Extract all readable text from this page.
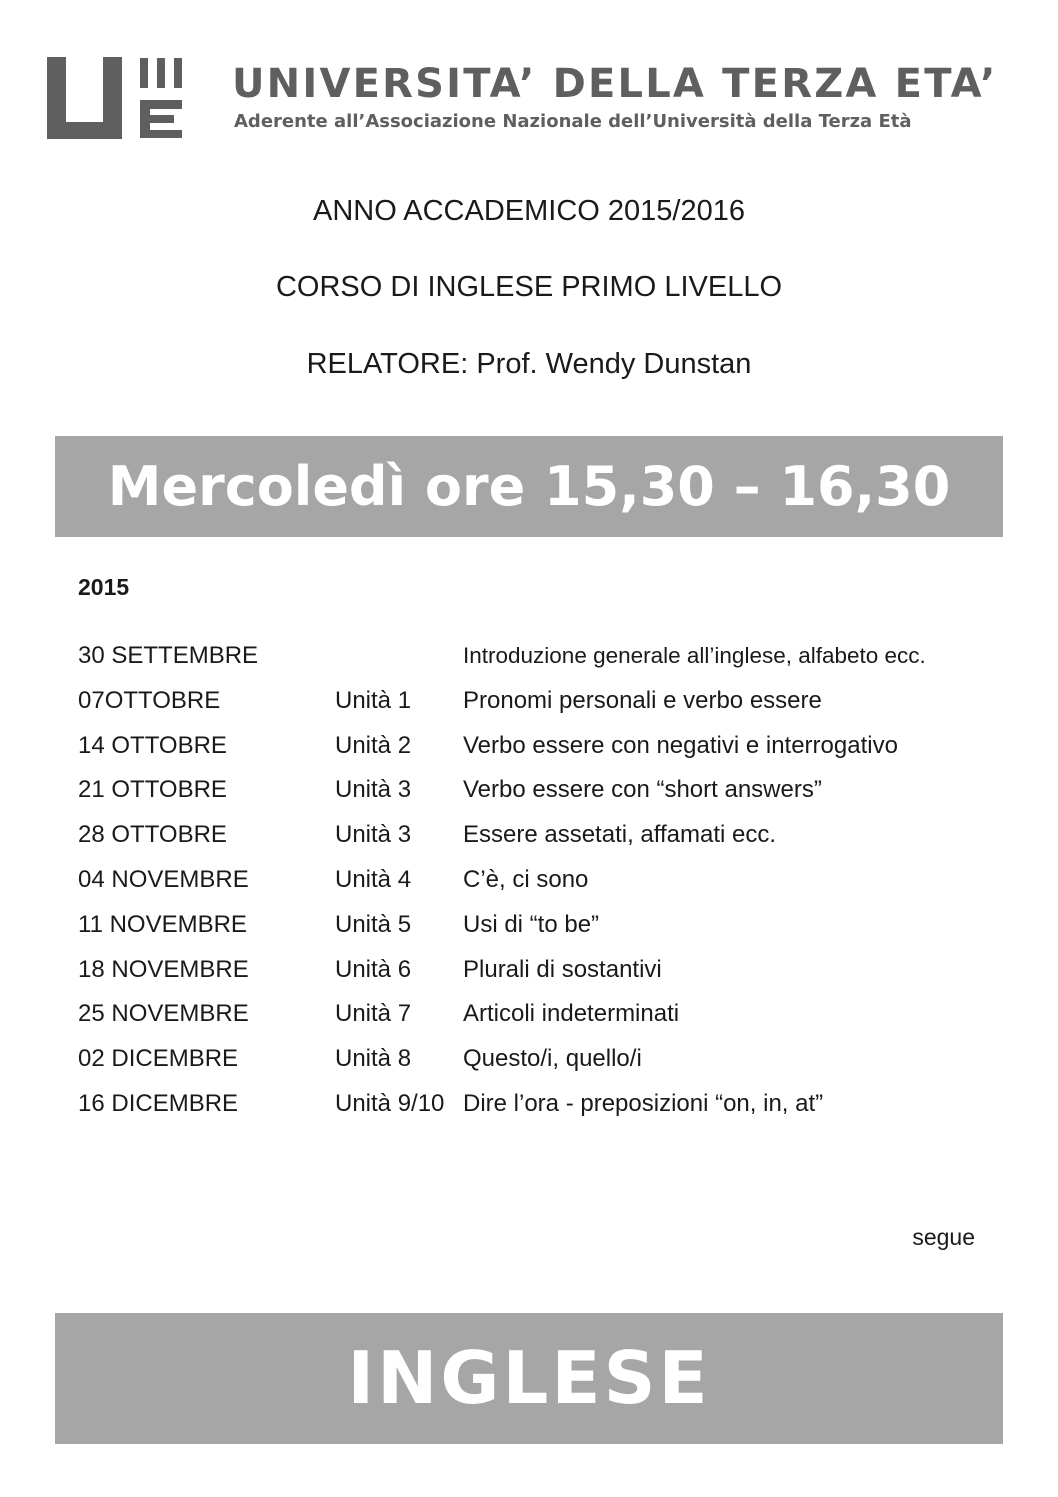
UNIVERSITA’ DELLA TERZA ETA’
Aderente all’Associazione Nazionale dell’Università della Terza Età
ANNO ACCADEMICO 2015/2016
CORSO DI INGLESE PRIMO LIVELLO
RELATORE: Prof. Wendy Dunstan
Mercoledì ore 15,30 – 16,30
2015
30 SETTEMBRE	Introduzione generale all’inglese, alfabeto ecc.
07OTTOBRE	Unità 1 Pronomi personali e verbo essere
14 OTTOBRE	Unità 2 Verbo essere con negativi e interrogativo
21 OTTOBRE	Unità 3 Verbo essere con “short answers”
28 OTTOBRE	Unità 3 Essere assetati, affamati ecc.
04 NOVEMBRE	Unità 4 C’è, ci sono
11 NOVEMBRE	Unità 5 Usi di “to be”
18 NOVEMBRE	Unità 6 Plurali di sostantivi
25 NOVEMBRE	Unità 7 Articoli indeterminati
02 DICEMBRE	Unità 8 Questo/i, quello/i
16 DICEMBRE	Unità 9/10 Dire l’ora - preposizioni “on, in, at”
segue
INGLESE
